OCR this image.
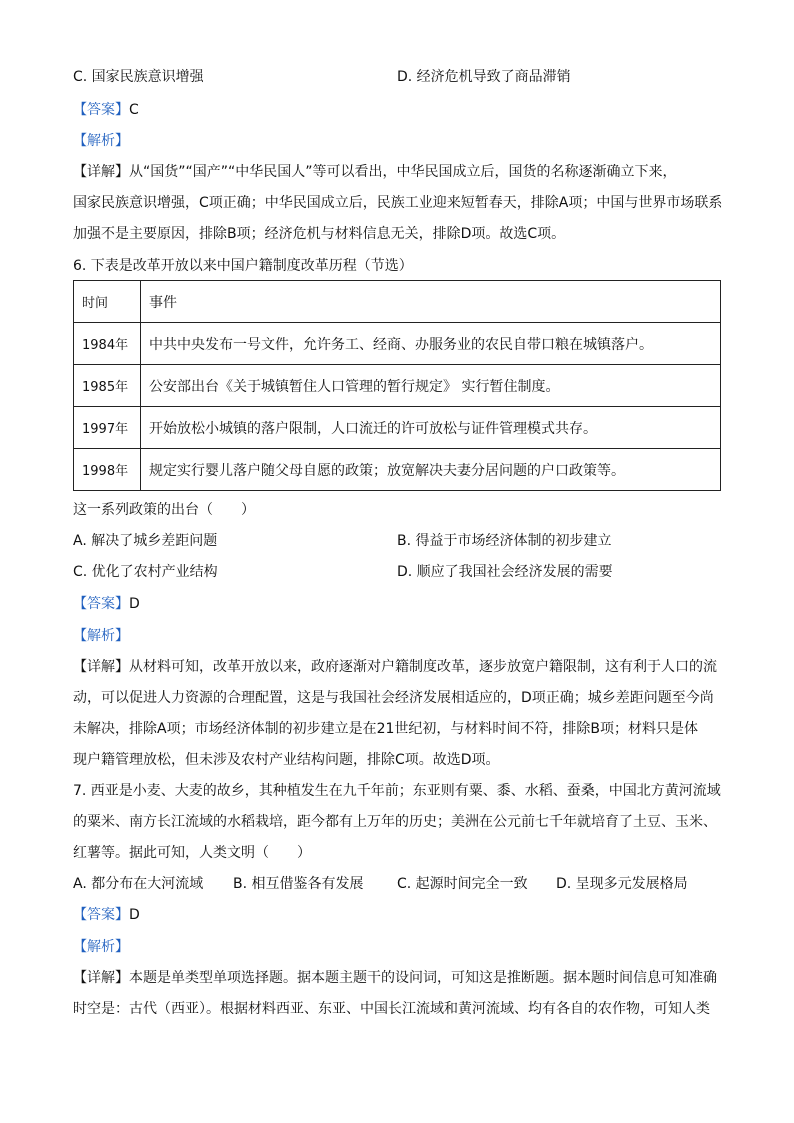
C. 国家民族意识增强	D. 经济危机导致了商品滞销
【答案】C
【解析】
【详解】从“国货”“国产”“中华民国人”等可以看出，中华民国成立后，国货的名称逐渐确立下来，
国家民族意识增强，C项正确；中华民国成立后，民族工业迎来短暂春天，排除A项；中国与世界市场联系
加强不是主要原因，排除B项；经济危机与材料信息无关，排除D项。故选C项。
6. 下表是改革开放以来中国户籍制度改革历程（节选）
时间	事件
1984年	中共中央发布一号文件，允许务工、经商、办服务业的农民自带口粮在城镇落户。
1985年	公安部出台《关于城镇暂住人口管理的暂行规定》 实行暂住制度。
1997年	开始放松小城镇的落户限制，人口流迁的许可放松与证件管理模式共存。
1998年	规定实行婴儿落户随父母自愿的政策；放宽解决夫妻分居问题的户口政策等。
这一系列政策的出台（　　）
A. 解决了城乡差距问题	B. 得益于市场经济体制的初步建立
C. 优化了农村产业结构	D. 顺应了我国社会经济发展的需要
【答案】D
【解析】
【详解】从材料可知，改革开放以来，政府逐渐对户籍制度改革，逐步放宽户籍限制，这有利于人口的流
动，可以促进人力资源的合理配置，这是与我国社会经济发展相适应的，D项正确；城乡差距问题至今尚
未解决，排除A项；市场经济体制的初步建立是在21世纪初，与材料时间不符，排除B项；材料只是体
现户籍管理放松，但未涉及农村产业结构问题，排除C项。故选D项。
7. 西亚是小麦、大麦的故乡，其种植发生在九千年前；东亚则有粟、黍、水稻、蚕桑，中国北方黄河流域
的粟米、南方长江流域的水稻栽培，距今都有上万年的历史；美洲在公元前七千年就培育了土豆、玉米、
红薯等。据此可知，人类文明（　　）
A. 都分布在大河流域 B. 相互借鉴各有发展 C. 起源时间完全一致 D. 呈现多元发展格局
【答案】D
【解析】
【详解】本题是单类型单项选择题。据本题主题干的设问词，可知这是推断题。据本题时间信息可知准确
时空是：古代（西亚）。根据材料西亚、东亚、中国长江流域和黄河流域、均有各自的农作物，可知人类
